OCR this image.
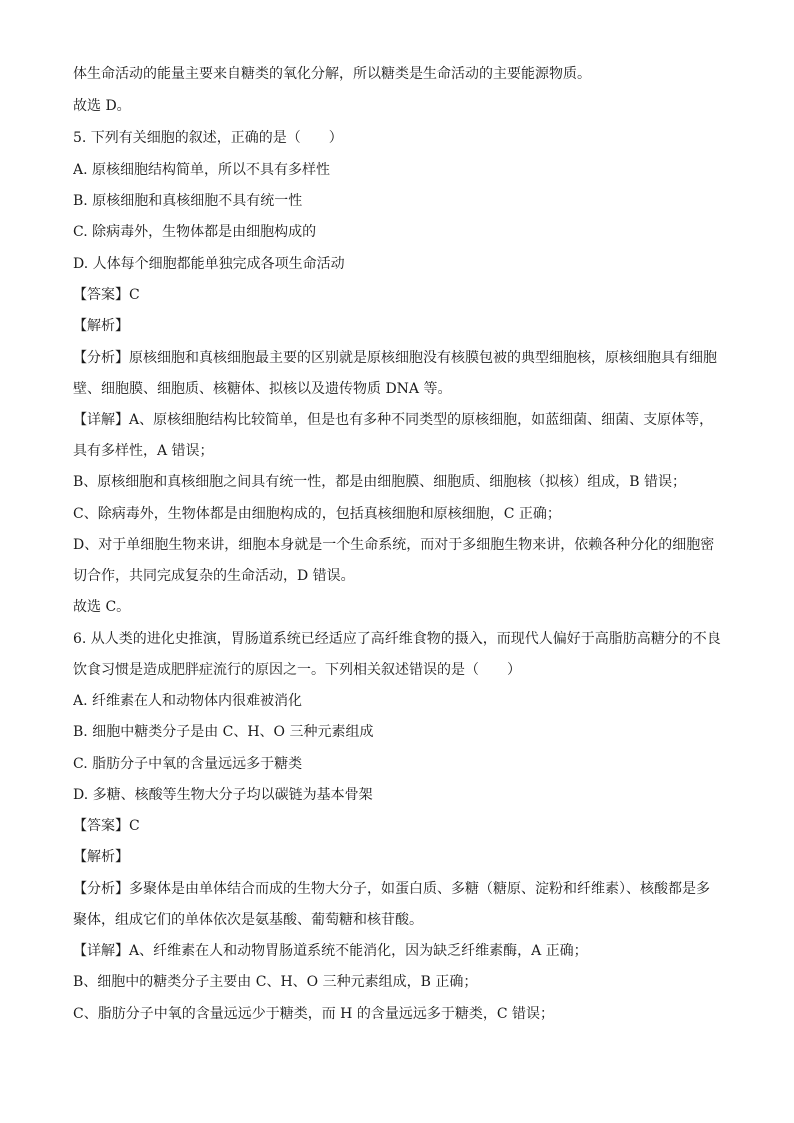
体生命活动的能量主要来自糖类的氧化分解，所以糖类是生命活动的主要能源物质。
故选 D。
5. 下列有关细胞的叙述，正确的是（　　）
A. 原核细胞结构简单，所以不具有多样性
B. 原核细胞和真核细胞不具有统一性
C. 除病毒外，生物体都是由细胞构成的
D. 人体每个细胞都能单独完成各项生命活动
【答案】C
【解析】
【分析】原核细胞和真核细胞最主要的区别就是原核细胞没有核膜包被的典型细胞核，原核细胞具有细胞
壁、细胞膜、细胞质、核糖体、拟核以及遗传物质 DNA 等。
【详解】A、原核细胞结构比较简单，但是也有多种不同类型的原核细胞，如蓝细菌、细菌、支原体等，
具有多样性，A 错误；
B、原核细胞和真核细胞之间具有统一性，都是由细胞膜、细胞质、细胞核（拟核）组成，B 错误；
C、除病毒外，生物体都是由细胞构成的，包括真核细胞和原核细胞，C 正确；
D、对于单细胞生物来讲，细胞本身就是一个生命系统，而对于多细胞生物来讲，依赖各种分化的细胞密
切合作，共同完成复杂的生命活动，D 错误。
故选 C。
6. 从人类的进化史推演，胃肠道系统已经适应了高纤维食物的摄入，而现代人偏好于高脂肪高糖分的不良
饮食习惯是造成肥胖症流行的原因之一。下列相关叙述错误的是（　　）
A. 纤维素在人和动物体内很难被消化
B. 细胞中糖类分子是由 C、H、O 三种元素组成
C. 脂肪分子中氧的含量远远多于糖类
D. 多糖、核酸等生物大分子均以碳链为基本骨架
【答案】C
【解析】
【分析】多聚体是由单体结合而成的生物大分子，如蛋白质、多糖（糖原、淀粉和纤维素）、核酸都是多
聚体，组成它们的单体依次是氨基酸、葡萄糖和核苷酸。
【详解】A、纤维素在人和动物胃肠道系统不能消化，因为缺乏纤维素酶，A 正确；
B、细胞中的糖类分子主要由 C、H、O 三种元素组成，B 正确；
C、脂肪分子中氧的含量远远少于糖类，而 H 的含量远远多于糖类，C 错误；
